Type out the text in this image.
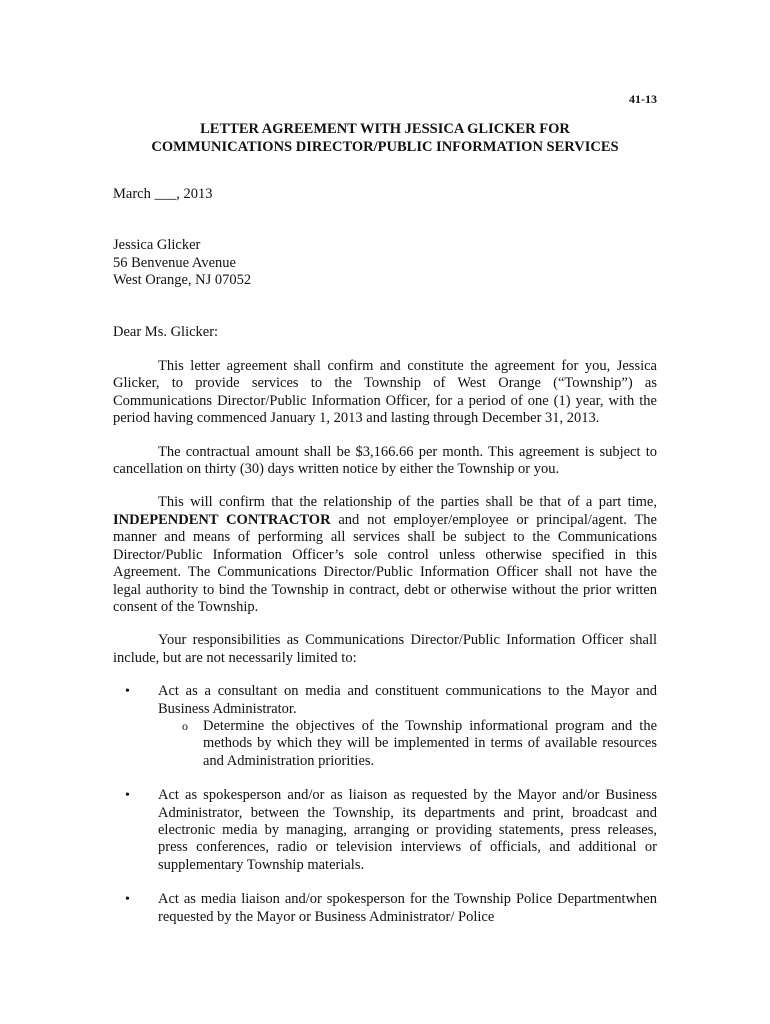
41-13
LETTER AGREEMENT WITH JESSICA GLICKER FOR
COMMUNICATIONS DIRECTOR/PUBLIC INFORMATION SERVICES

March ___, 2013

Jessica Glicker
56 Benvenue Avenue
West Orange, NJ 07052

Dear Ms. Glicker:

This letter agreement shall confirm and constitute the agreement for you, Jessica Glicker, to provide services to the Township of West Orange (“Township”) as Communications Director/Public Information Officer, for a period of one (1) year, with the period having commenced January 1, 2013 and lasting through December 31, 2013.

The contractual amount shall be $3,166.66 per month. This agreement is subject to cancellation on thirty (30) days written notice by either the Township or you.

This will confirm that the relationship of the parties shall be that of a part time, INDEPENDENT CONTRACTOR and not employer/employee or principal/agent. The manner and means of performing all services shall be subject to the Communications Director/Public Information Officer’s sole control unless otherwise specified in this Agreement. The Communications Director/Public Information Officer shall not have the legal authority to bind the Township in contract, debt or otherwise without the prior written consent of the Township.

Your responsibilities as Communications Director/Public Information Officer shall include, but are not necessarily limited to:

• Act as a consultant on media and constituent communications to the Mayor and Business Administrator.
o Determine the objectives of the Township informational program and the methods by which they will be implemented in terms of available resources and Administration priorities.
• Act as spokesperson and/or as liaison as requested by the Mayor and/or Business Administrator, between the Township, its departments and print, broadcast and electronic media by managing, arranging or providing statements, press releases, press conferences, radio or television interviews of officials, and additional or supplementary Township materials.
• Act as media liaison and/or spokesperson for the Township Police Departmentwhen requested by the Mayor or Business Administrator/ Police
